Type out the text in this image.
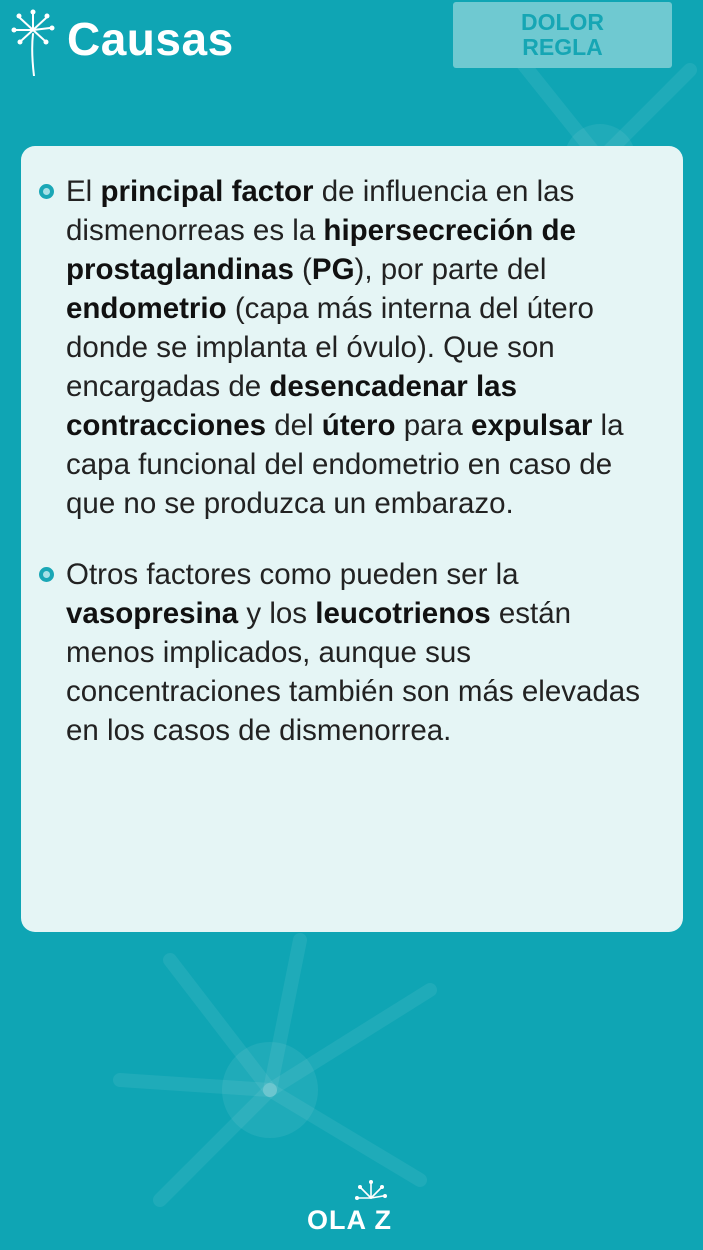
Causas	DOLOR
REGLA
El principal factor de influencia en las dismenorreas es la hipersecreción de prostaglandinas (PG), por parte del endometrio (capa más interna del útero donde se implanta el óvulo). Que son encargadas de desencadenar las contracciones del útero para expulsar la capa funcional del endometrio en caso de que no se produzca un embarazo.
Otros factores como pueden ser la vasopresina y los leucotrienos están menos implicados, aunque sus concentraciones también son más elevadas en los casos de dismenorrea.
OLA Z
